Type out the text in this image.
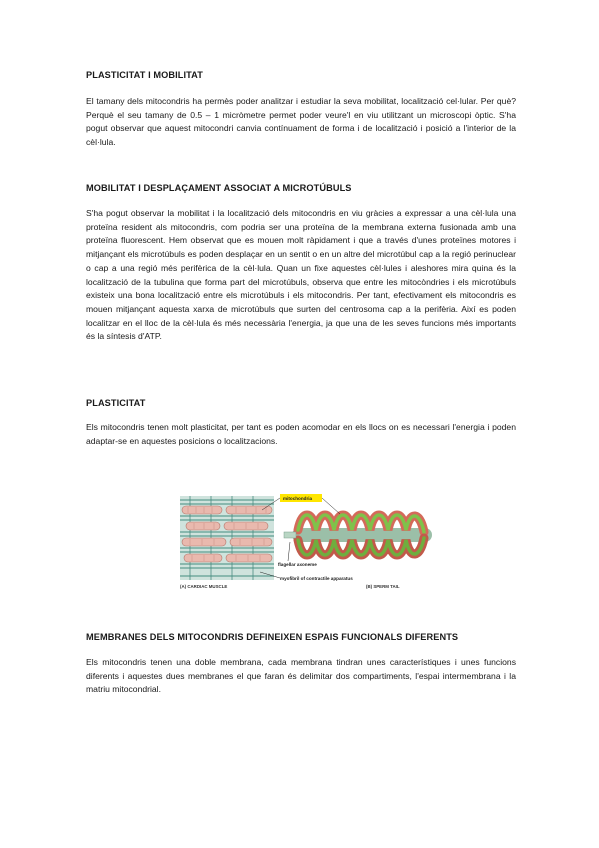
PLASTICITAT I MOBILITAT
El tamany dels mitocondris ha permès poder analitzar i estudiar la seva mobilitat, localització cel·lular. Per què? Perquè el seu tamany de 0.5 – 1 micròmetre permet poder veure'l en viu utilitzant un microscopi òptic. S'ha pogut observar que aquest mitocondri canvia contínuament de forma i de localització i posició a l'interior de la cèl·lula.
MOBILITAT I DESPLAÇAMENT ASSOCIAT A MICROTÚBULS
S'ha pogut observar la mobilitat i la localització dels mitocondris en viu gràcies a expressar a una cèl·lula una proteïna resident als mitocondris, com podria ser una proteïna de la membrana externa fusionada amb una proteïna fluorescent. Hem observat que es mouen molt ràpidament i que a través d'unes proteïnes motores i mitjançant els microtúbuls es poden desplaçar en un sentit o en un altre del microtúbul cap a la regió perinuclear o cap a una regió més perifèrica de la cèl·lula. Quan un fixe aquestes cèl·lules i aleshores mira quina és la localització de la tubulina que forma part del microtúbuls, observa que entre les mitocòndries i els microtúbuls existeix una bona localització entre els microtúbuls i els mitocondris. Per tant, efectivament els mitocondris es mouen mitjançant aquesta xarxa de microtúbuls que surten del centrosoma cap a la perifèria. Així es poden localitzar en el lloc de la cèl·lula és més necessària l'energia, ja que una de les seves funcions més importants és la síntesis d'ATP.
PLASTICITAT
Els mitocondris tenen molt plasticitat, per tant es poden acomodar en els llocs on es necessari l'energia i poden adaptar-se en aquestes posicions o localitzacions.
mitochondria
flagellar axoneme
myofibril of contractile apparatus
(A) CARDIAC MUSCLE	(B) SPERM TAIL
MEMBRANES DELS MITOCONDRIS DEFINEIXEN ESPAIS FUNCIONALS DIFERENTS
Els mitocondris tenen una doble membrana, cada membrana tindran unes característiques i unes funcions diferents i aquestes dues membranes el que faran és delimitar dos compartiments, l'espai intermembrana i la matriu mitocondrial.
